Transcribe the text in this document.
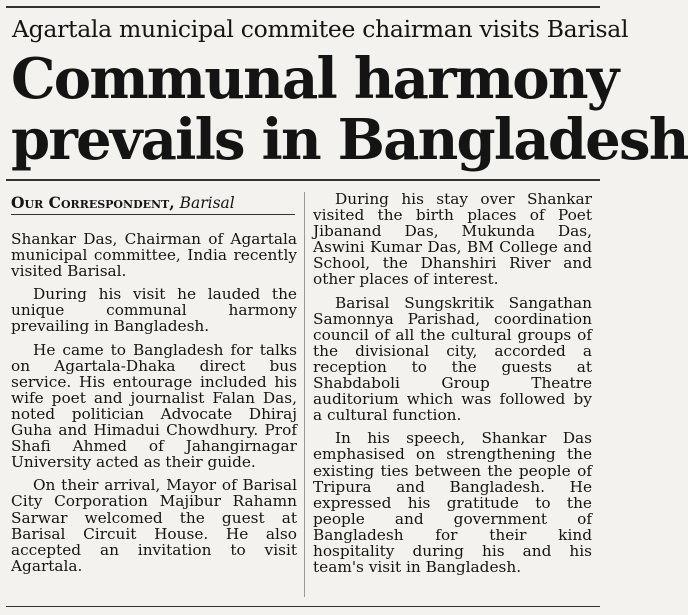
Agartala municipal commitee chairman visits Barisal
Communal harmony
prevails in Bangladesh
Our Correspondent, Barisal

Shankar Das, Chairman of Agartala municipal committee, India recently visited Barisal.

During his visit he lauded the unique communal harmony prevailing in Bangladesh.

He came to Bangladesh for talks on Agartala-Dhaka direct bus service. His entourage included his wife poet and journalist Falan Das, noted politician Advocate Dhiraj Guha and Himadui Chowdhury. Prof Shafi Ahmed of Jahangirnagar University acted as their guide.

On their arrival, Mayor of Barisal City Corporation Majibur Rahamn Sarwar welcomed the guest at Barisal Circuit House. He also accepted an invitation to visit Agartala.

During his stay over Shankar visited the birth places of Poet Jibanand Das, Mukunda Das, Aswini Kumar Das, BM College and School, the Dhanshiri River and other places of interest.

Barisal Sungskritik Sangathan Samonnya Parishad, coordination council of all the cultural groups of the divisional city, accorded a reception to the guests at Shabdaboli Group Theatre auditorium which was followed by a cultural function.

In his speech, Shankar Das emphasised on strengthening the existing ties between the people of Tripura and Bangladesh. He expressed his gratitude to the people and government of Bangladesh for their kind hospitality during his and his team's visit in Bangladesh.
